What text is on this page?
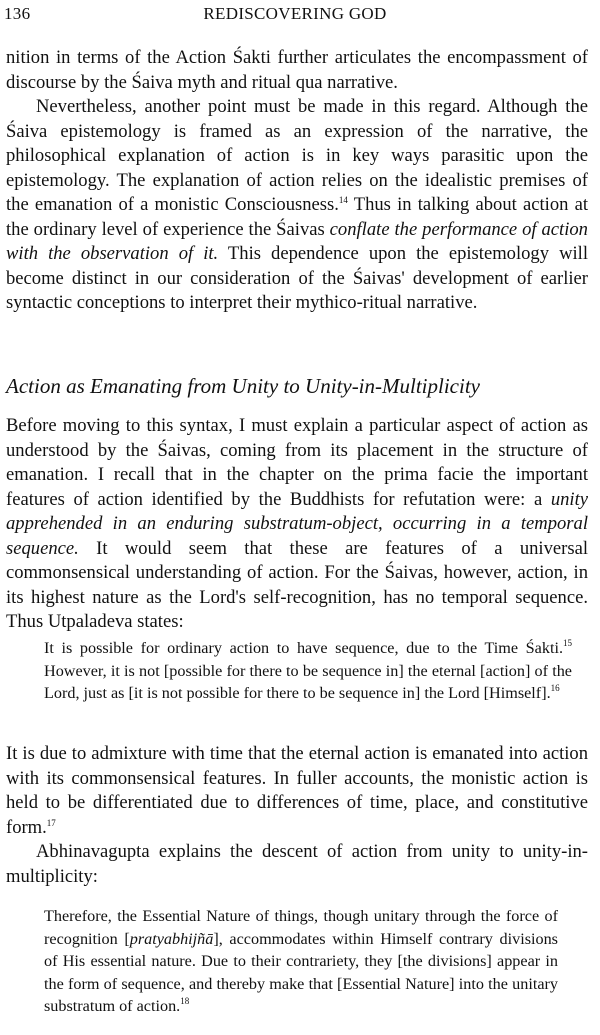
136	REDISCOVERING GOD

nition in terms of the Action Śakti further articulates the encompassment of discourse by the Śaiva myth and ritual qua narrative.

Nevertheless, another point must be made in this regard. Although the Śaiva epistemology is framed as an expression of the narrative, the philosophical explanation of action is in key ways parasitic upon the epistemology. The explanation of action relies on the idealistic premises of the emanation of a monistic Consciousness.$^{14}$ Thus in talking about action at the ordinary level of experience the Śaivas conflate the performance of action with the observation of it. This dependence upon the epistemology will become distinct in our consideration of the Śaivas' development of earlier syntactic conceptions to interpret their mythico-ritual narrative.

Action as Emanating from Unity to Unity-in-Multiplicity

Before moving to this syntax, I must explain a particular aspect of action as understood by the Śaivas, coming from its placement in the structure of emanation. I recall that in the chapter on the prima facie the important features of action identified by the Buddhists for refutation were: a unity apprehended in an enduring substratum-object, occurring in a temporal sequence. It would seem that these are features of a universal commonsensical understanding of action. For the Śaivas, however, action, in its highest nature as the Lord's self-recognition, has no temporal sequence. Thus Utpaladeva states:

It is possible for ordinary action to have sequence, due to the Time Śakti.$^{15}$ However, it is not [possible for there to be sequence in] the eternal [action] of the Lord, just as [it is not possible for there to be sequence in] the Lord [Himself].$^{16}$

It is due to admixture with time that the eternal action is emanated into action with its commonsensical features. In fuller accounts, the monistic action is held to be differentiated due to differences of time, place, and constitutive form.$^{17}$

Abhinavagupta explains the descent of action from unity to unity-in-multiplicity:

Therefore, the Essential Nature of things, though unitary through the force of recognition [pratyabhijñā], accommodates within Himself contrary divisions of His essential nature. Due to their contrariety, they [the divisions] appear in the form of sequence, and thereby make that [Essential Nature] into the unitary substratum of action.$^{18}$
